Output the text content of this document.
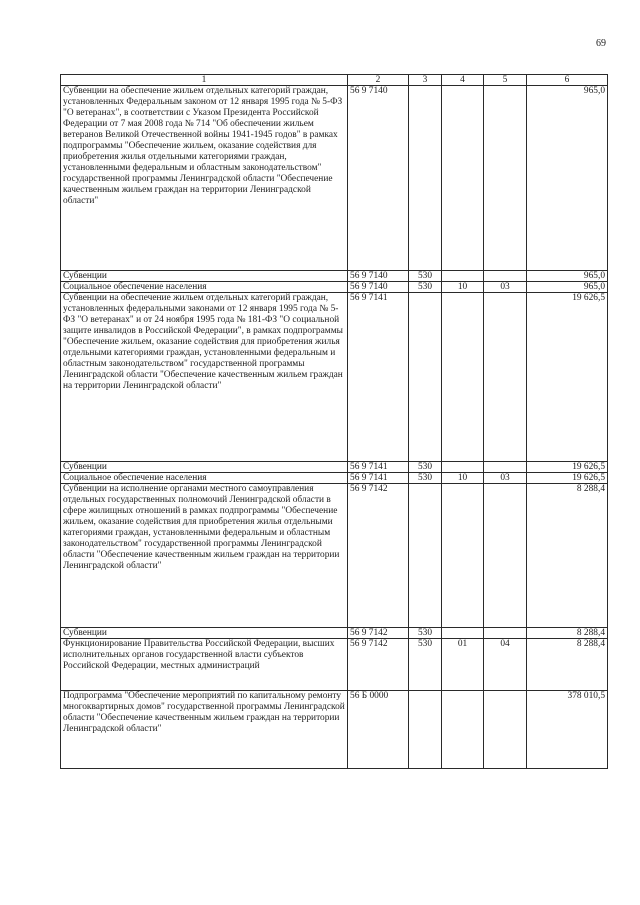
69
1	2	3	4	5	6
Субвенции на обеспечение жильем отдельных категорий граждан, установленных Федеральным законом от 12 января 1995 года № 5-ФЗ "О ветеранах", в соответствии с Указом Президента Российской Федерации от 7 мая 2008 года № 714 "Об обеспечении жильем ветеранов Великой Отечественной войны 1941-1945 годов" в рамках подпрограммы "Обеспечение жильем, оказание содействия для приобретения жилья отдельными категориями граждан, установленными федеральным и областным законодательством" государственной программы Ленинградской области "Обеспечение качественным жильем граждан на территории Ленинградской области"	56 9 7140				965,0
Субвенции	56 9 7140	530			965,0
Социальное обеспечение населения	56 9 7140	530	10	03	965,0
Субвенции на обеспечение жильем отдельных категорий граждан, установленных федеральными законами от 12 января 1995 года № 5-ФЗ "О ветеранах" и от 24 ноября 1995 года № 181-ФЗ "О социальной защите инвалидов в Российской Федерации", в рамках подпрограммы "Обеспечение жильем, оказание содействия для приобретения жилья отдельными категориями граждан, установленными федеральным и областным законодательством" государственной программы Ленинградской области "Обеспечение качественным жильем граждан на территории Ленинградской области"	56 9 7141				19 626,5
Субвенции	56 9 7141	530			19 626,5
Социальное обеспечение населения	56 9 7141	530	10	03	19 626,5
Субвенции на исполнение органами местного самоуправления отдельных государственных полномочий Ленинградской области в сфере жилищных отношений в рамках подпрограммы "Обеспечение жильем, оказание содействия для приобретения жилья отдельными категориями граждан, установленными федеральным и областным законодательством" государственной программы Ленинградской области "Обеспечение качественным жильем граждан на территории Ленинградской области"	56 9 7142				8 288,4
Субвенции	56 9 7142	530			8 288,4
Функционирование Правительства Российской Федерации, высших исполнительных органов государственной власти субъектов Российской Федерации, местных администраций	56 9 7142	530	01	04	8 288,4
Подпрограмма "Обеспечение мероприятий по капитальному ремонту многоквартирных домов" государственной программы Ленинградской области "Обеспечение качественным жильем граждан на территории Ленинградской области"	56 Б 0000				378 010,5
